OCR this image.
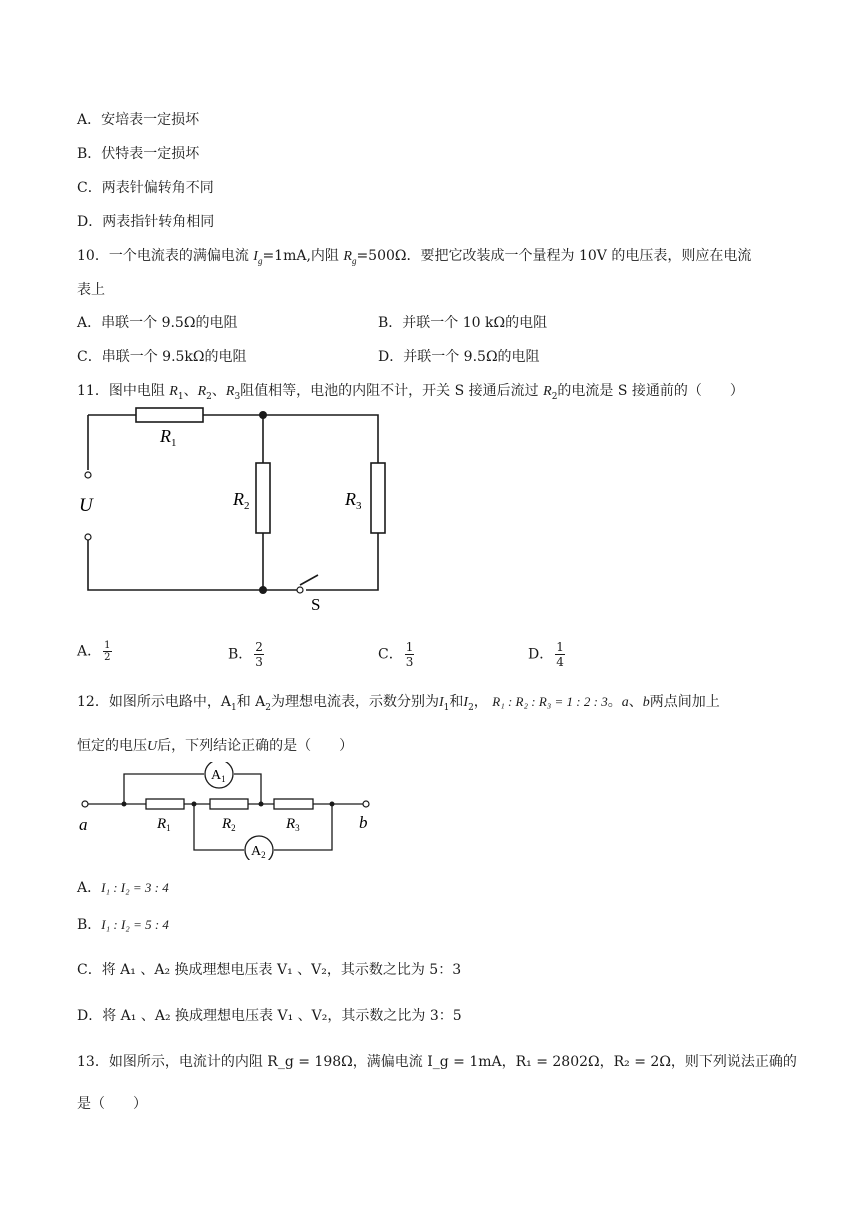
A．安培表一定损坏
B．伏特表一定损坏
C．两表针偏转角不同
D．两表指针转角相同
10．一个电流表的满偏电流 $I_g=1mA$,内阻 $R_g=500\Omega$．要把它改装成一个量程为 10V 的电压表，则应在电流
表上
A．串联一个 9.5Ω的电阻	B．并联一个 10 kΩ的电阻
C．串联一个 9.5kΩ的电阻	D．并联一个 9.5Ω的电阻
11．图中电阻 $R_1$、$R_2$、$R_3$阻值相等，电池的内阻不计，开关 S 接通后流过 $R_2$的电流是 S 接通前的（　　）
$R_1$
$R_2$	$R_3$
U
S
A． $\frac{1}{2}$	B． $\frac{2}{3}$	C． $\frac{1}{3}$	D． $\frac{1}{4}$
12．如图所示电路中，$A_1$和 $A_2$为理想电流表，示数分别为$I_1$和$I_2$， R₁ : R₂ : R₃ = 1 : 2 : 3。a、b两点间加上
恒定的电压U后，下列结论正确的是（　　）
$A_1$
$A_2$
a	b
$R_1$	$R_2$	$R_3$
A．I₁ : I₂ = 3 : 4
B．I₁ : I₂ = 5 : 4
C．将 A₁ 、A₂ 换成理想电压表 V₁ 、V₂，其示数之比为 5：3
D．将 A₁ 、A₂ 换成理想电压表 V₁ 、V₂，其示数之比为 3：5
13．如图所示，电流计的内阻 R_g = 198Ω，满偏电流 I_g = 1mA，R₁ = 2802Ω，R₂ = 2Ω，则下列说法正确的
是（　　）
